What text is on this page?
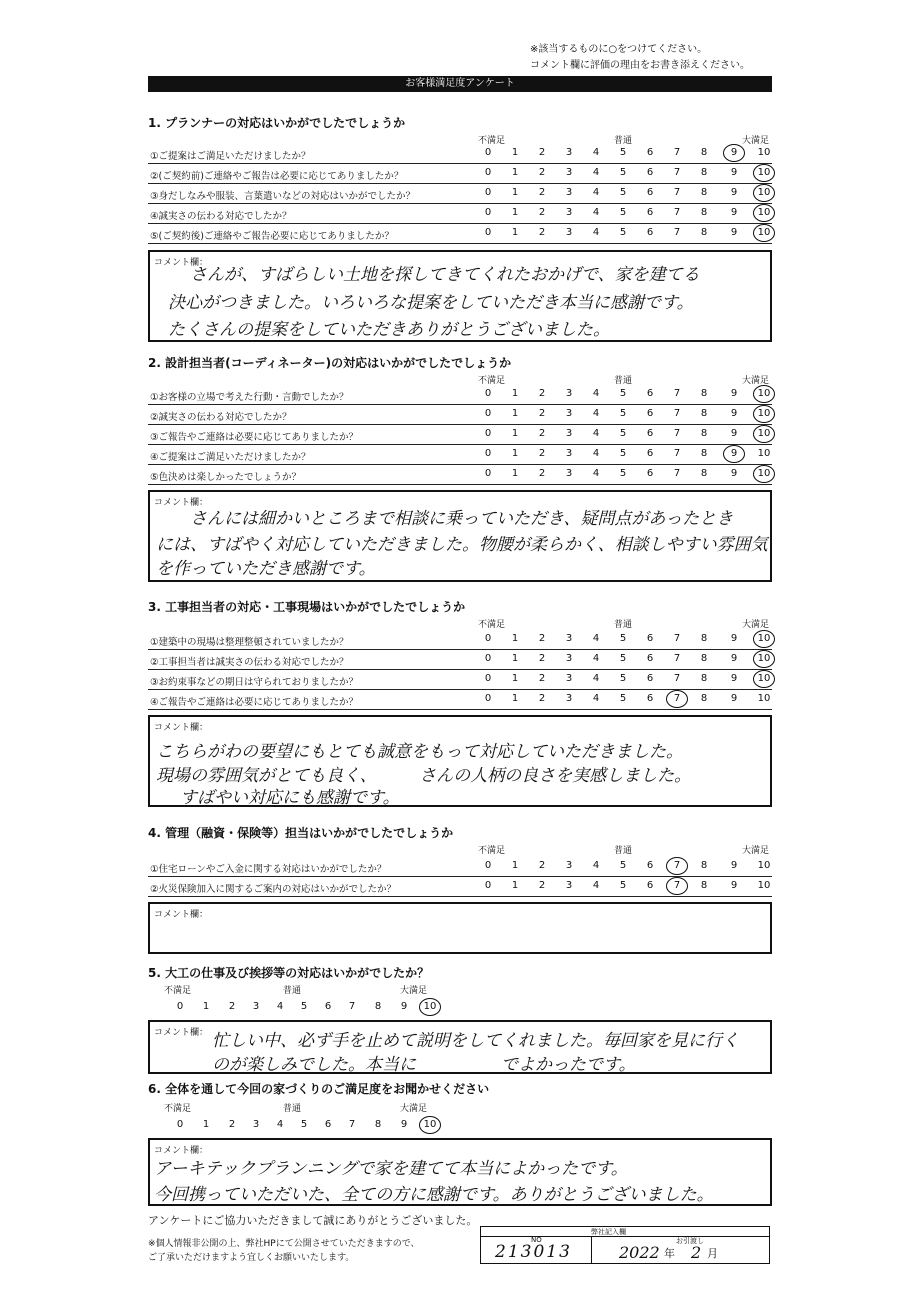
※該当するものに○をつけてください。
コメント欄に評価の理由をお書き添えください。
お客様満足度アンケート
1. プランナーの対応はいかがでしたでしょうか
不満足	普通	大満足
①ご提案はご満足いただけましたか？	0	1	2	3	4	5	6	7	8	9	10
②(ご契約前)ご連絡やご報告は必要に応じてありましたか？	0	1	2	3	4	5	6	7	8	9	10
③身だしなみや服装、言葉遣いなどの対応はいかがでしたか？	0	1	2	3	4	5	6	7	8	9	10
④誠実さの伝わる対応でしたか？	0	1	2	3	4	5	6	7	8	9	10
⑤(ご契約後)ご連絡やご報告必要に応じてありましたか？	0	1	2	3	4	5	6	7	8	9	10
コメント欄：
さんが、すばらしい土地を探してきてくれたおかげで、家を建てる
決心がつきました。いろいろな提案をしていただき本当に感謝です。
たくさんの提案をしていただきありがとうございました。
2. 設計担当者(コーディネーター)の対応はいかがでしたでしょうか
不満足	普通	大満足
①お客様の立場で考えた行動・言動でしたか？	0	1	2	3	4	5	6	7	8	9	10
②誠実さの伝わる対応でしたか？	0	1	2	3	4	5	6	7	8	9	10
③ご報告やご連絡は必要に応じてありましたか？	0	1	2	3	4	5	6	7	8	9	10
④ご提案はご満足いただけましたか？	0	1	2	3	4	5	6	7	8	9	10
⑤色決めは楽しかったでしょうか？	0	1	2	3	4	5	6	7	8	9	10
コメント欄：
さんには細かいところまで相談に乗っていただき、疑問点があったとき
には、すばやく対応していただきました。物腰が柔らかく、相談しやすい雰囲気
を作っていただき感謝です。
3. 工事担当者の対応・工事現場はいかがでしたでしょうか
不満足	普通	大満足
①建築中の現場は整理整頓されていましたか？	0	1	2	3	4	5	6	7	8	9	10
②工事担当者は誠実さの伝わる対応でしたか？	0	1	2	3	4	5	6	7	8	9	10
③お約束事などの期日は守られておりましたか？	0	1	2	3	4	5	6	7	8	9	10
④ご報告やご連絡は必要に応じてありましたか？	0	1	2	3	4	5	6	7	8	9	10
コメント欄：
こちらがわの要望にもとても誠意をもって対応していただきました。
現場の雰囲気がとても良く、　　　さんの人柄の良さを実感しました。
すばやい対応にも感謝です。
4. 管理（融資・保険等）担当はいかがでしたでしょうか
不満足	普通	大満足
①住宅ローンやご入金に関する対応はいかがでしたか？	0	1	2	3	4	5	6	7	8	9	10
②火災保険加入に関するご案内の対応はいかがでしたか？	0	1	2	3	4	5	6	7	8	9	10
コメント欄：
5. 大工の仕事及び挨拶等の対応はいかがでしたか？
不満足	普通	大満足
0	1	2	3	4	5	6	7	8	9	10
コメント欄： 忙しい中、必ず手を止めて説明をしてくれました。毎回家を見に行く
のが楽しみでした。本当に　　　　　でよかったです。
6. 全体を通して今回の家づくりのご満足度をお聞かせください
不満足	普通	大満足
0	1	2	3	4	5	6	7	8	9	10
コメント欄：
アーキテックプランニングで家を建てて本当によかったです。
今回携っていただいた、全ての方に感謝です。ありがとうございました。
アンケートにご協力いただきまして誠にありがとうございました。
※個人情報非公開の上、弊社HPにて公開させていただきますので、
ご了承いただけますよう宜しくお願いいたします。
弊社記入欄
NO	お引渡し
213013	2022 年 2 月
